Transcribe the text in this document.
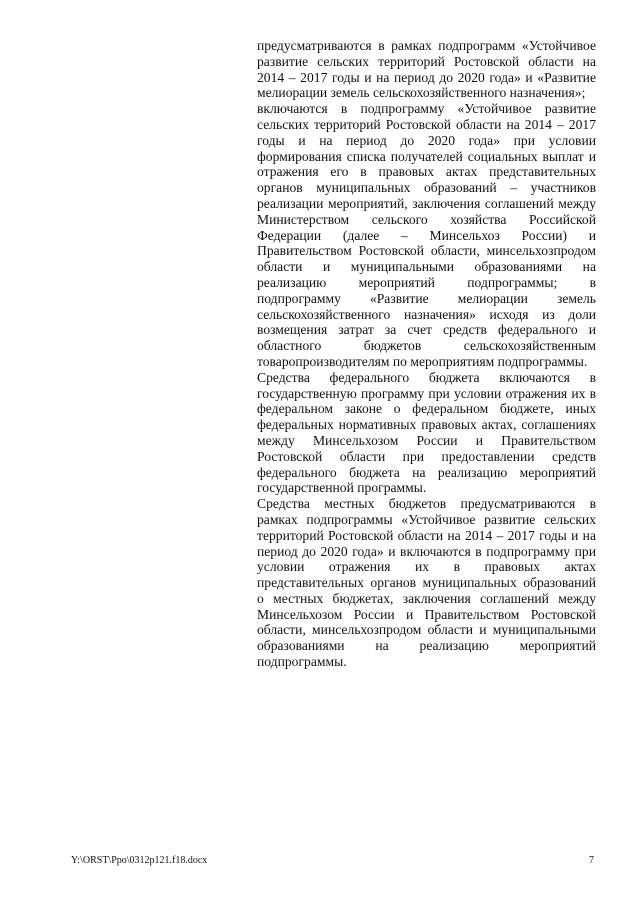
предусматриваются в рамках подпрограмм «Устойчивое развитие сельских территорий Ростовской области на 2014 – 2017 годы и на период до 2020 года» и «Развитие мелиорации земель сельскохозяйственного назначения»;

включаются в подпрограмму «Устойчивое развитие сельских территорий Ростовской области на 2014 – 2017 годы и на период до 2020 года» при условии формирования списка получателей социальных выплат и отражения его в правовых актах представительных органов муниципальных образований – участников реализации мероприятий, заключения соглашений между Министерством сельского хозяйства Российской Федерации (далее – Минсельхоз России) и Правительством Ростовской области, минсельхозпродом области и муниципальными образованиями на реализацию мероприятий подпрограммы; в подпрограмму «Развитие мелиорации земель сельскохозяйственного назначения» исходя из доли возмещения затрат за счет средств федерального и областного бюджетов сельскохозяйственным товаропроизводителям по мероприятиям подпрограммы.

Средства федерального бюджета включаются в государственную программу при условии отражения их в федеральном законе о федеральном бюджете, иных федеральных нормативных правовых актах, соглашениях между Минсельхозом России и Правительством Ростовской области при предоставлении средств федерального бюджета на реализацию мероприятий государственной программы.

Средства местных бюджетов предусматриваются в рамках подпрограммы «Устойчивое развитие сельских территорий Ростовской области на 2014 – 2017 годы и на период до 2020 года» и включаются в подпрограмму при условии отражения их в правовых актах представительных органов муниципальных образований о местных бюджетах, заключения соглашений между Минсельхозом России и Правительством Ростовской области, минсельхозпродом области и муниципальными образованиями на реализацию мероприятий подпрограммы.

Y:\ORST\Ppo\0312p121.f18.docx	7
